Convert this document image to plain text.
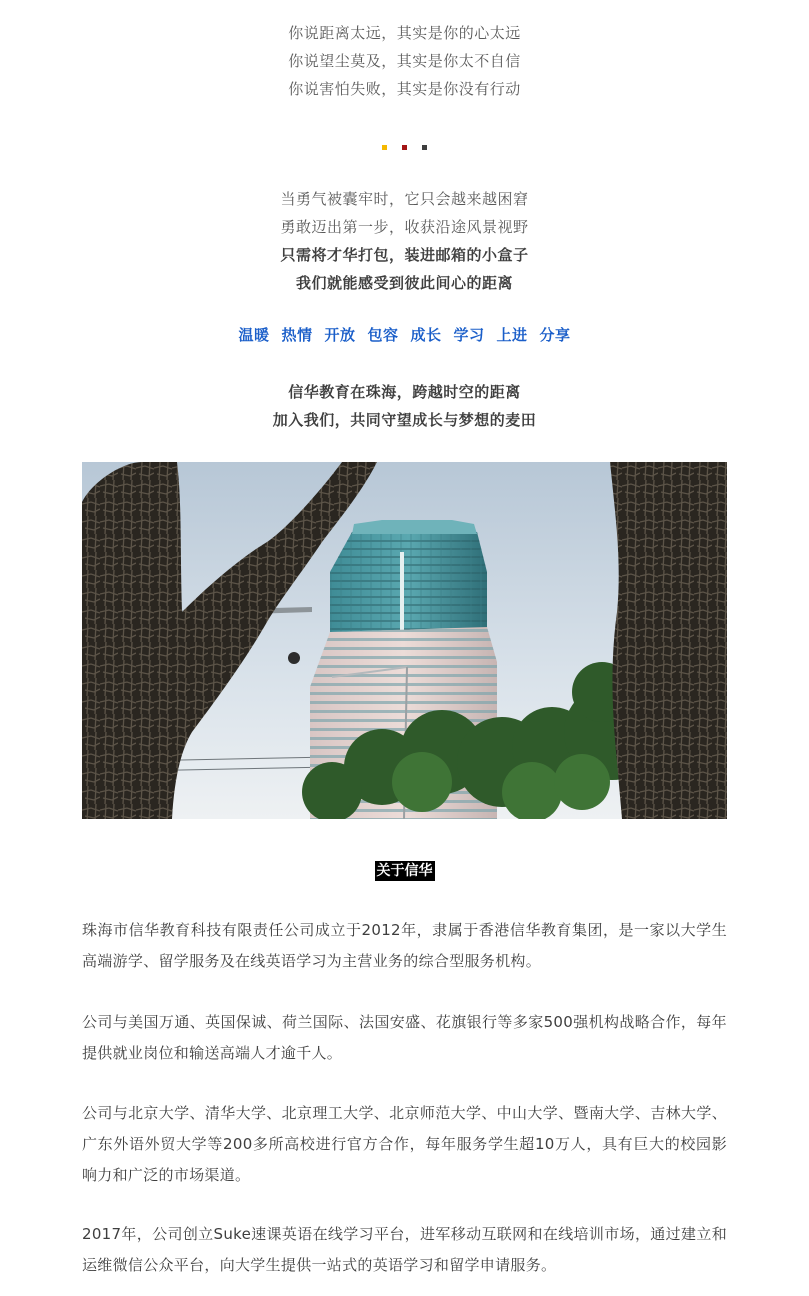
你说距离太远，其实是你的心太远
你说望尘莫及，其实是你太不自信
你说害怕失败，其实是你没有行动
当勇气被囊牢时，它只会越来越困窘
勇敢迈出第一步，收获沿途风景视野
只需将才华打包，装进邮箱的小盒子
我们就能感受到彼此间心的距离
温暖 热情 开放 包容 成长 学习 上进 分享
信华教育在珠海，跨越时空的距离
加入我们，共同守望成长与梦想的麦田
关于信华
珠海市信华教育科技有限责任公司成立于2012年，隶属于香港信华教育集团，是一家以大学生高端游学、留学服务及在线英语学习为主营业务的综合型服务机构。
公司与美国万通、英国保诚、荷兰国际、法国安盛、花旗银行等多家500强机构战略合作，每年提供就业岗位和输送高端人才逾千人。
公司与北京大学、清华大学、北京理工大学、北京师范大学、中山大学、暨南大学、吉林大学、广东外语外贸大学等200多所高校进行官方合作，每年服务学生超10万人，具有巨大的校园影响力和广泛的市场渠道。
2017年，公司创立Suke速课英语在线学习平台，进军移动互联网和在线培训市场，通过建立和运维微信公众平台，向大学生提供一站式的英语学习和留学申请服务。
